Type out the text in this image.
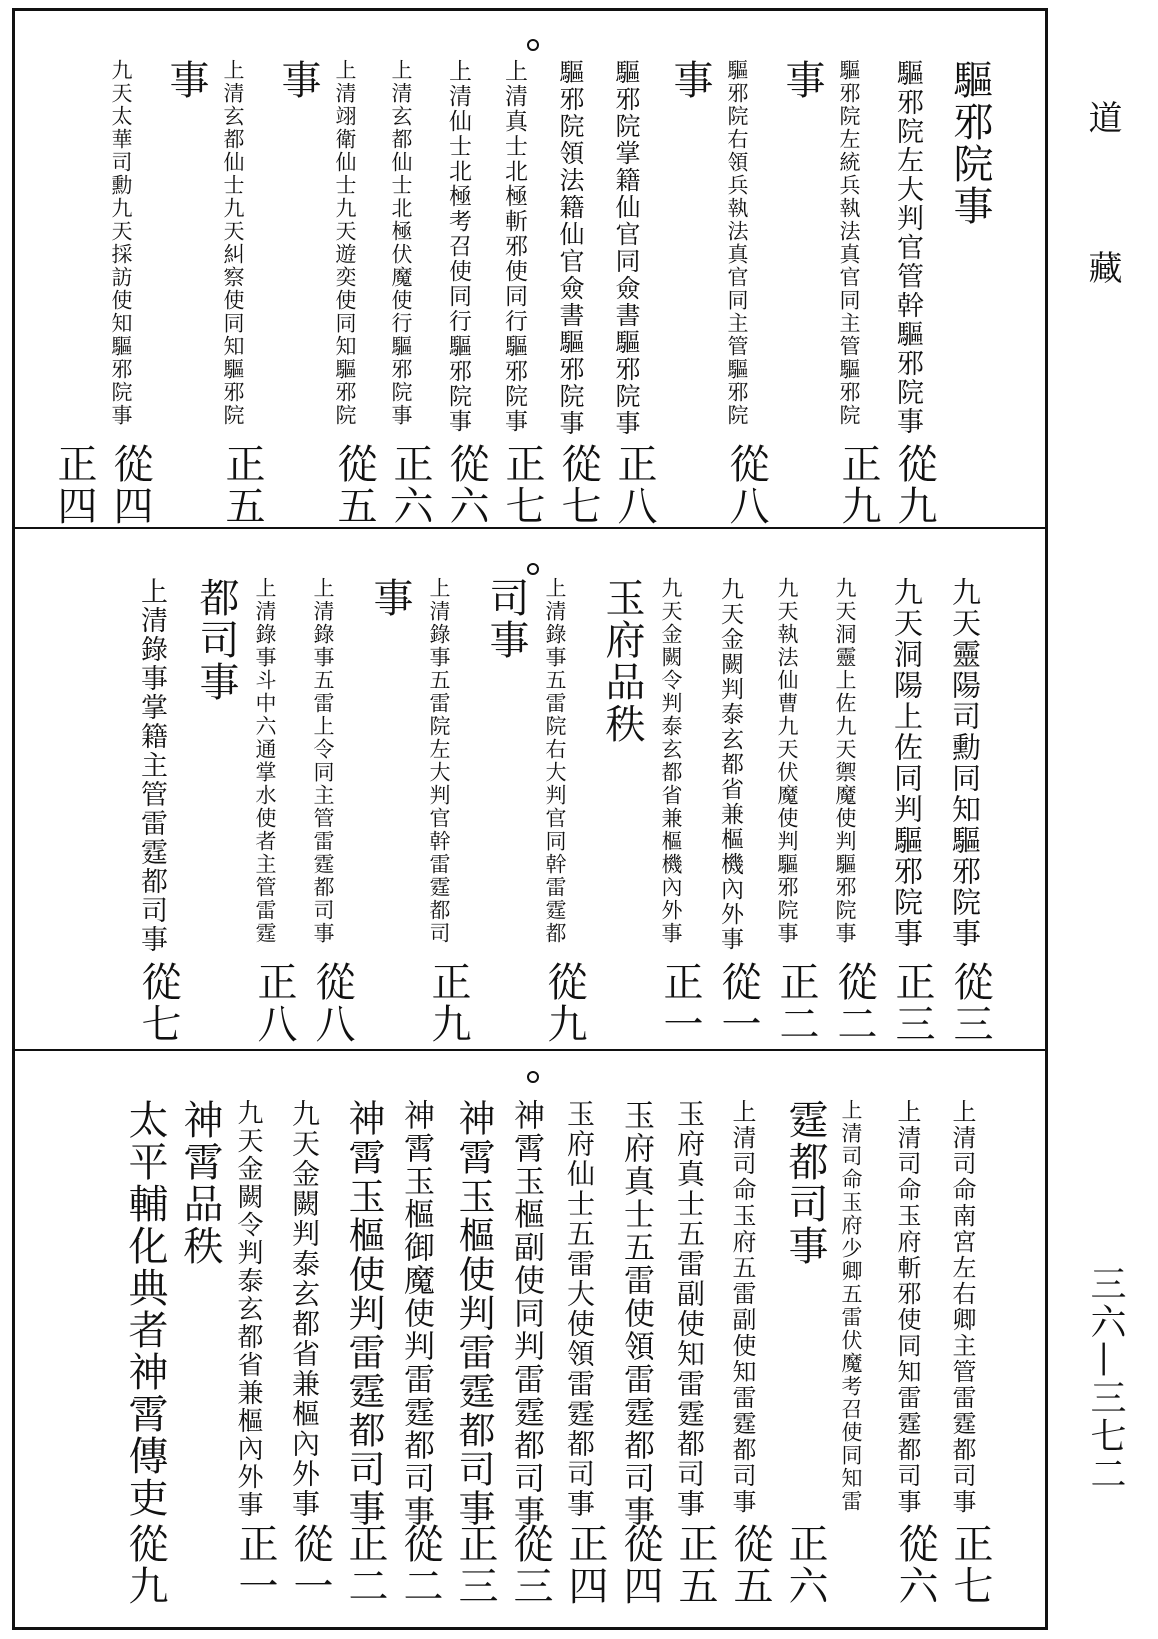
驅邪院事
驅邪院左大判官管幹驅邪院事
從九
驅邪院左統兵執法真官同主管驅邪院
正九
事
驅邪院右領兵執法真官同主管驅邪院
從八
事
驅邪院掌籍仙官同僉書驅邪院事
正八
驅邪院領法籍仙官僉書驅邪院事
從七
上清真士北極斬邪使同行驅邪院事
正七
上清仙士北極考召使同行驅邪院事
從六
上清玄都仙士北極伏魔使行驅邪院事
正六
上清翊衛仙士九天遊奕使同知驅邪院
從五
事
上清玄都仙士九天糾察使同知驅邪院
正五
事
九天太華司勳九天採訪使知驅邪院事
從四
正四
九天靈陽司勳同知驅邪院事
從三
九天洞陽上佐同判驅邪院事
正三
九天洞靈上佐九天禦魔使判驅邪院事
從二
九天執法仙曹九天伏魔使判驅邪院事
正二
九天金闕判泰玄都省兼樞機內外事
從一
九天金闕令判泰玄都省兼樞機內外事
正一
玉府品秩
上清錄事五雷院右大判官同幹雷霆都
從九
司事
上清錄事五雷院左大判官幹雷霆都司
正九
事
上清錄事五雷上令同主管雷霆都司事
從八
上清錄事斗中六通掌水使者主管雷霆
正八
都司事
上清錄事掌籍主管雷霆都司事
從七
上清司命南宮左右卿主管雷霆都司事
正七
上清司命玉府斬邪使同知雷霆都司事
從六
上清司命玉府少卿五雷伏魔考召使同知雷
霆都司事
正六
上清司命玉府五雷副使知雷霆都司事
從五
玉府真士五雷副使知雷霆都司事
正五
玉府真士五雷使領雷霆都司事
從四
玉府仙士五雷大使領雷霆都司事
正四
神霄玉樞副使同判雷霆都司事
從三
神霄玉樞使判雷霆都司事
正三
神霄玉樞御魔使判雷霆都司事
從二
神霄玉樞使判雷霆都司事
正二
九天金闕判泰玄都省兼樞內外事
從一
九天金闕令判泰玄都省兼樞內外事
正一
神霄品秩
太平輔化典者神霄傳吏
從九
道
藏
三六—三七二
